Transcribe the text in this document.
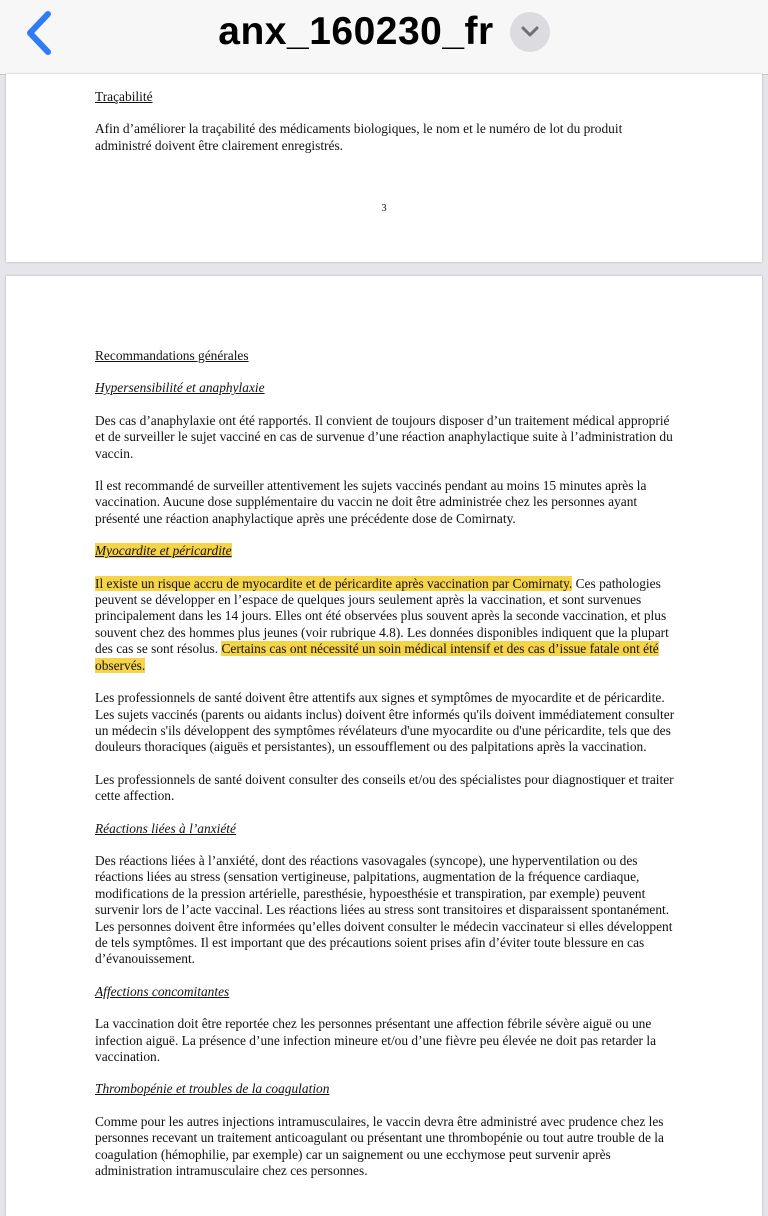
anx_160230_fr

Traçabilité

Afin d’améliorer la traçabilité des médicaments biologiques, le nom et le numéro de lot du produit administré doivent être clairement enregistrés.

3

Recommandations générales

Hypersensibilité et anaphylaxie

Des cas d’anaphylaxie ont été rapportés. Il convient de toujours disposer d’un traitement médical approprié et de surveiller le sujet vacciné en cas de survenue d’une réaction anaphylactique suite à l’administration du vaccin.

Il est recommandé de surveiller attentivement les sujets vaccinés pendant au moins 15 minutes après la vaccination. Aucune dose supplémentaire du vaccin ne doit être administrée chez les personnes ayant présenté une réaction anaphylactique après une précédente dose de Comirnaty.

Myocardite et péricardite

Il existe un risque accru de myocardite et de péricardite après vaccination par Comirnaty. Ces pathologies peuvent se développer en l’espace de quelques jours seulement après la vaccination, et sont survenues principalement dans les 14 jours. Elles ont été observées plus souvent après la seconde vaccination, et plus souvent chez des hommes plus jeunes (voir rubrique 4.8). Les données disponibles indiquent que la plupart des cas se sont résolus. Certains cas ont nécessité un soin médical intensif et des cas d’issue fatale ont été observés.

Les professionnels de santé doivent être attentifs aux signes et symptômes de myocardite et de péricardite. Les sujets vaccinés (parents ou aidants inclus) doivent être informés qu'ils doivent immédiatement consulter un médecin s'ils développent des symptômes révélateurs d'une myocardite ou d'une péricardite, tels que des douleurs thoraciques (aiguës et persistantes), un essoufflement ou des palpitations après la vaccination.

Les professionnels de santé doivent consulter des conseils et/ou des spécialistes pour diagnostiquer et traiter cette affection.

Réactions liées à l’anxiété

Des réactions liées à l’anxiété, dont des réactions vasovagales (syncope), une hyperventilation ou des réactions liées au stress (sensation vertigineuse, palpitations, augmentation de la fréquence cardiaque, modifications de la pression artérielle, paresthésie, hypoesthésie et transpiration, par exemple) peuvent survenir lors de l’acte vaccinal. Les réactions liées au stress sont transitoires et disparaissent spontanément. Les personnes doivent être informées qu’elles doivent consulter le médecin vaccinateur si elles développent de tels symptômes. Il est important que des précautions soient prises afin d’éviter toute blessure en cas d’évanouissement.

Affections concomitantes

La vaccination doit être reportée chez les personnes présentant une affection fébrile sévère aiguë ou une infection aiguë. La présence d’une infection mineure et/ou d’une fièvre peu élevée ne doit pas retarder la vaccination.

Thrombopénie et troubles de la coagulation

Comme pour les autres injections intramusculaires, le vaccin devra être administré avec prudence chez les personnes recevant un traitement anticoagulant ou présentant une thrombopénie ou tout autre trouble de la coagulation (hémophilie, par exemple) car un saignement ou une ecchymose peut survenir après administration intramusculaire chez ces personnes.
